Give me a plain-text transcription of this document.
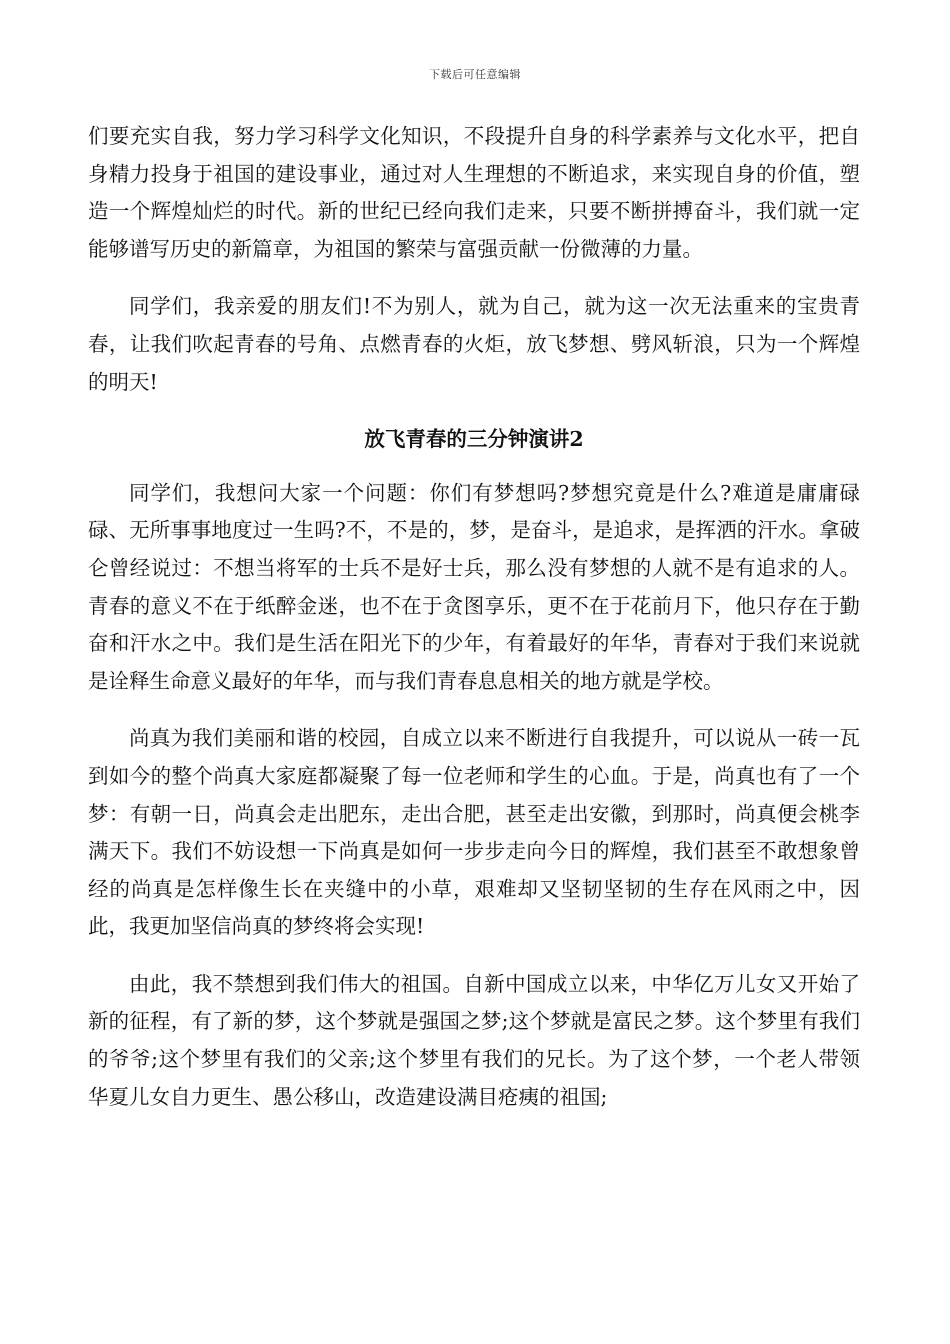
下载后可任意编辑

们要充实自我，努力学习科学文化知识，不段提升自身的科学素养与文化水平，把自身精力投身于祖国的建设事业，通过对人生理想的不断追求，来实现自身的价值，塑造一个辉煌灿烂的时代。新的世纪已经向我们走来，只要不断拼搏奋斗，我们就一定能够谱写历史的新篇章，为祖国的繁荣与富强贡献一份微薄的力量。

同学们，我亲爱的朋友们!不为别人，就为自己，就为这一次无法重来的宝贵青春，让我们吹起青春的号角、点燃青春的火炬，放飞梦想、劈风斩浪，只为一个辉煌的明天!

放飞青春的三分钟演讲2

同学们，我想问大家一个问题：你们有梦想吗?梦想究竟是什么?难道是庸庸碌碌、无所事事地度过一生吗?不，不是的，梦，是奋斗，是追求，是挥洒的汗水。拿破仑曾经说过：不想当将军的士兵不是好士兵，那么没有梦想的人就不是有追求的人。青春的意义不在于纸醉金迷，也不在于贪图享乐，更不在于花前月下，他只存在于勤奋和汗水之中。我们是生活在阳光下的少年，有着最好的年华，青春对于我们来说就是诠释生命意义最好的年华，而与我们青春息息相关的地方就是学校。

尚真为我们美丽和谐的校园，自成立以来不断进行自我提升，可以说从一砖一瓦到如今的整个尚真大家庭都凝聚了每一位老师和学生的心血。于是，尚真也有了一个梦：有朝一日，尚真会走出肥东，走出合肥，甚至走出安徽，到那时，尚真便会桃李满天下。我们不妨设想一下尚真是如何一步步走向今日的辉煌，我们甚至不敢想象曾经的尚真是怎样像生长在夹缝中的小草，艰难却又坚韧坚韧的生存在风雨之中，因此，我更加坚信尚真的梦终将会实现!

由此，我不禁想到我们伟大的祖国。自新中国成立以来，中华亿万儿女又开始了新的征程，有了新的梦，这个梦就是强国之梦;这个梦就是富民之梦。这个梦里有我们的爷爷;这个梦里有我们的父亲;这个梦里有我们的兄长。为了这个梦，一个老人带领华夏儿女自力更生、愚公移山，改造建设满目疮痍的祖国;
